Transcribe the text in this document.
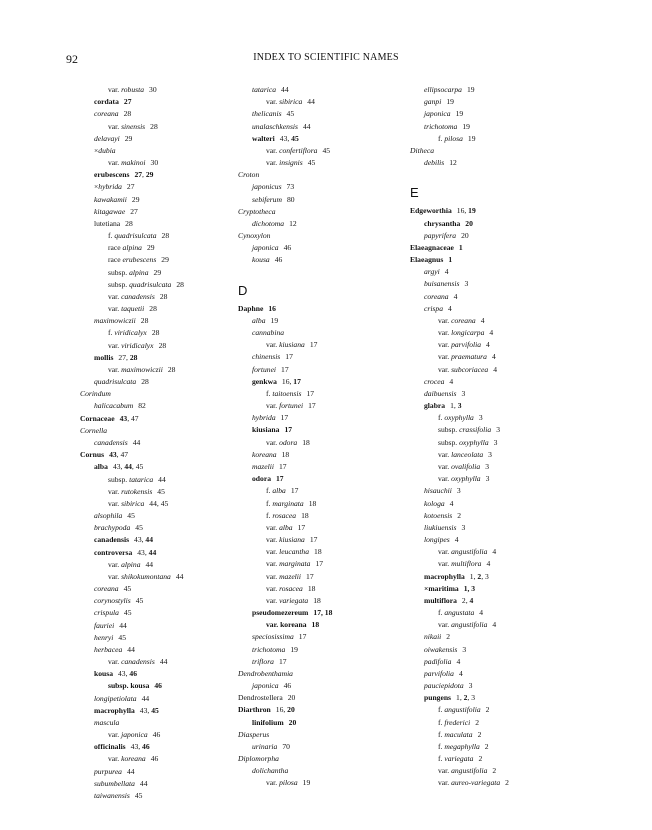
92	INDEX TO SCIENTIFIC NAMES
var. robusta 30
cordata 27
coreana 28
var. sinensis 28
delavayi 29
×dubia
var. makinoi 30
erubescens 27, 29
×hybrida 27
kawakamii 29
kitagawae 27
lutetiana 28
f. quadrisulcata 28
race alpina 29
race erubescens 29
subsp. alpina 29
subsp. quadrisulcata 28
var. canadensis 28
var. taquetii 28
maximowiczii 28
f. viridicalyx 28
var. viridicalyx 28
mollis 27, 28
var. maximowiczii 28
quadrisulcata 28
Corindum
halicacabum 82
Cornaceae 43, 47
Cornella
canadensis 44
Cornus 43, 47
alba 43, 44, 45
subsp. tatarica 44
var. rutokensis 45
var. sibirica 44, 45
alsophila 45
brachypoda 45
canadensis 43, 44
controversa 43, 44
var. alpina 44
var. shikokumontana 44
coreana 45
corynostylis 45
crispula 45
fauriei 44
henryi 45
herbacea 44
var. canadensis 44
kousa 43, 46
subsp. kousa 46
longipetiolata 44
macrophylla 43, 45
mascula
var. japonica 46
officinalis 43, 46
var. koreana 46
purpurea 44
subumbellata 44
taiwanensis 45
tatarica 44
var. sibirica 44
thelicanis 45
unalaschkensis 44
walteri 43, 45
var. confertiflora 45
var. insignis 45
Croton
japonicus 73
sebiferum 80
Cryptotheca
dichotoma 12
Cynoxylon
japonica 46
kousa 46
D
Daphne 16
alba 19
cannabina
var. kiusiana 17
chinensis 17
fortunei 17
genkwa 16, 17
f. taitoensis 17
var. fortunei 17
hybrida 17
kiusiana 17
var. odora 18
koreana 18
mazelii 17
odora 17
f. alba 17
f. marginata 18
f. rosacea 18
var. alba 17
var. kiusiana 17
var. leucantha 18
var. marginata 17
var. mazelii 17
var. rosacea 18
var. variegata 18
pseudomezereum 17, 18
var. koreana 18
speciosissima 17
trichotoma 19
triflora 17
Dendrobenthamia
japonica 46
Dendrostellera 20
Diarthron 16, 20
linifolium 20
Diasperus
urinaria 70
Diplomorpha
dolichantha
var. pilosa 19
ellipsocarpa 19
ganpi 19
japonica 19
trichotoma 19
f. pilosa 19
Ditheca
debilis 12
E
Edgeworthia 16, 19
chrysantha 20
papyrifera 20
Elaeagnaceae 1
Elaeagnus 1
argyi 4
buisanensis 3
coreana 4
crispa 4
var. coreana 4
var. longicarpa 4
var. parvifolia 4
var. praematura 4
var. subcoriacea 4
crocea 4
daibuensis 3
glabra 1, 3
f. oxyphylla 3
subsp. crassifolia 3
subsp. oxyphylla 3
var. lanceolata 3
var. ovalifolia 3
var. oxyphylla 3
hisauchii 3
kologa 4
kotoensis 2
liukiuensis 3
longipes 4
var. angustifolia 4
var. multiflora 4
macrophylla 1, 2, 3
×maritima 1, 3
multiflora 2, 4
f. angustata 4
var. angustifolia 4
nikaii 2
oiwakensis 3
padifolia 4
parvifolia 4
pauciepidota 3
pungens 1, 2, 3
f. angustifolia 2
f. frederici 2
f. maculata 2
f. megaphylla 2
f. variegata 2
var. angustifolia 2
var. aureo-variegata 2
